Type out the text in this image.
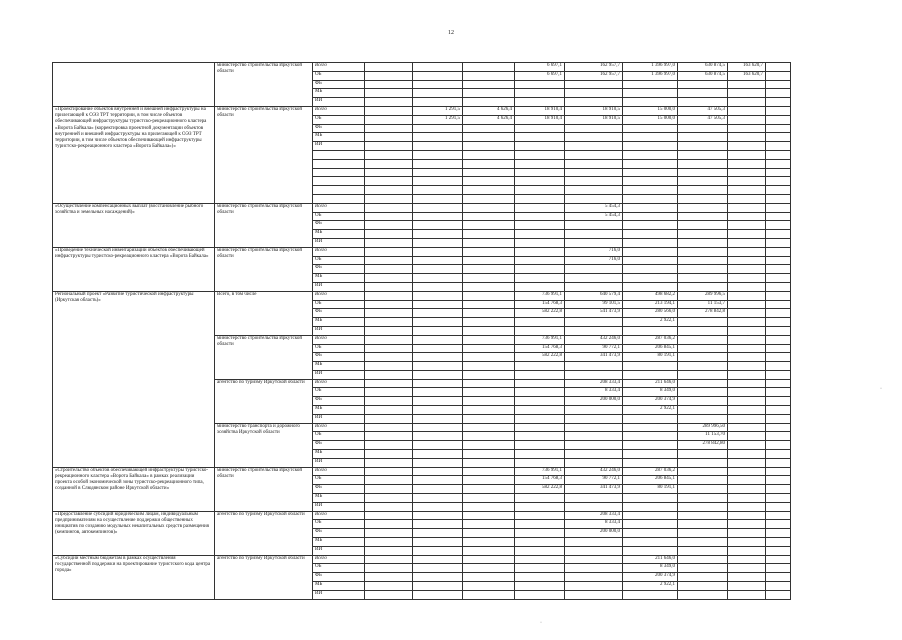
12
	министерство строительства Иркутской области	Всего				6 697,1	162 957,7	1 396 997,0	630 874,5	163 620,7	
		ОБ				6 697,1	162 957,7	1 396 997,0	630 874,5	163 620,7	
		ФБ									
		МБ									
		ИИ									
«Проектирование объектов внутренней и внешней инфраструктуры на прилегающей к ОЭЗ ТРТ территории, в том числе объектов обеспечивающей инфраструктуры туристско-рекреационного кластера «Ворота Байкала» (корректировка проектной документации объектов внутренней и внешней инфраструктуры на прилегающей к ОЭЗ ТРТ территории, в том числе объектов обеспечивающей инфраструктуры туристско-рекреационного кластера «Ворота Байкала»)»	министерство строительства Иркутской области	Всего		1 291,5	4 626,4	18 910,4	18 910,5	15 000,0	47 505,3		
		ОБ		1 291,5	4 626,4	18 910,4	18 910,5	15 000,0	47 505,3		
		ФБ									
		МБ									
		ИИ									

«Осуществление компенсационных выплат (восстановление рыбного хозяйства и земельных насаждений)»	министерство строительства Иркутской области	Всего					5 454,3				
		ОБ					5 454,3				
		ФБ									
		МБ									
		ИИ									
«Проведение технической инвентаризации объектов обеспечивающей инфраструктуры туристско-рекреационного кластера «Ворота Байкала»	министерство строительства Иркутской области	Всего					716,0				
		ОБ					716,0				
		ФБ									
		МБ									
		ИИ									
Региональный проект «Развитие туристической инфраструктуры (Иркутская область)»	Всего, в том числе	Всего				736 991,1	640 579,4	498 682,2	289 996,5		
		ОБ				154 768,3	99 101,5	213 194,1	11 153,7		
		ФБ				582 222,8	541 473,9	280 566,0	278 842,8		
		МБ						2 922,1			
		ИИ									
	министерство строительства Иркутской области	Всего				736 991,1	432 246,0	287 036,2			
		ОБ				154 768,3	90 772,1	206 845,1			
		ФБ				582 222,8	341 473,9	80 191,1			
		МБ									
		ИИ									
	агентство по туризму Иркутской области	Всего					208 333,4	211 646,0			
		ОБ					8 333,4	8 349,0			
		ФБ					200 000,0	200 374,9			
		МБ						2 922,1			
		ИИ									
	министерство транспорта и дорожного хозяйства Иркутской области	Всего							289 996,50		
		ОБ							11 153,70		
		ФБ							278 842,80		
		МБ									
		ИИ									
«Строительство объектов обеспечивающей инфраструктуры туристско-рекреационного кластера «Ворота Байкала» в рамках реализации проекта особой экономической зоны туристско-рекреационного типа, созданной в Слюдянском районе Иркутской области»	министерство строительства Иркутской области	Всего				736 991,1	432 246,0	287 036,2			
		ОБ				154 768,3	90 772,1	206 845,1			
		ФБ				582 222,8	341 473,9	80 191,1			
		МБ									
		ИИ									
«Предоставление субсидий юридическим лицам, индивидуальным предпринимателям на осуществление поддержки общественных инициатив по созданию модульных некапитальных средств размещения (кемпингов, автокемпингов)»	агентство по туризму Иркутской области	Всего					208 333,4				
		ОБ					8 333,4				
		ФБ					200 000,0				
		МБ									
		ИИ									
«Субсидии местным бюджетам в рамках осуществления государственной поддержки на проектирование туристского кода центра города»	агентство по туризму Иркутской области	Всего						211 646,0			
		ОБ						8 349,0			
		ФБ						200 374,9			
		МБ						2 922,1			
		ИИ									
·
·
